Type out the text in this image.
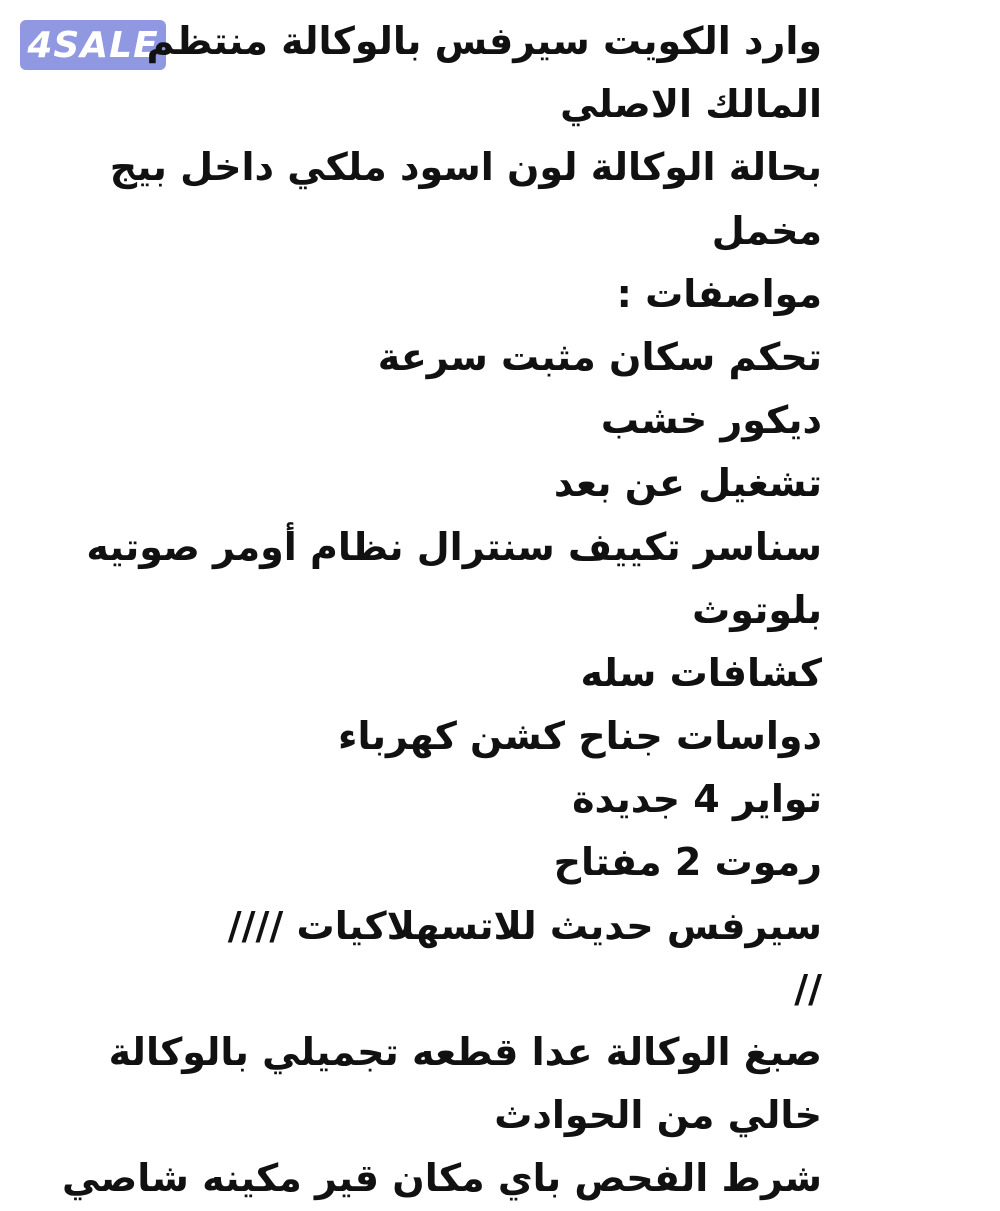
4SALE
وارد الكويت سيرفس بالوكالة منتظم
المالك الاصلي
بحالة الوكالة لون اسود ملكي داخل بيج
مخمل
مواصفات :
تحكم سكان مثبت سرعة
ديكور خشب
تشغيل عن بعد
سناسر تكييف سنترال نظام أومر صوتيه
بلوتوث
كشافات سله
دواسات جناح كشن كهرباء
تواير 4 جديدة
رموت 2 مفتاح
سيرفس حديث للاتسهلاكيات ////
//
صبغ الوكالة عدا قطعه تجميلي بالوكالة
خالي من الحوادث
شرط الفحص باي مكان قير مكينه شاصي
